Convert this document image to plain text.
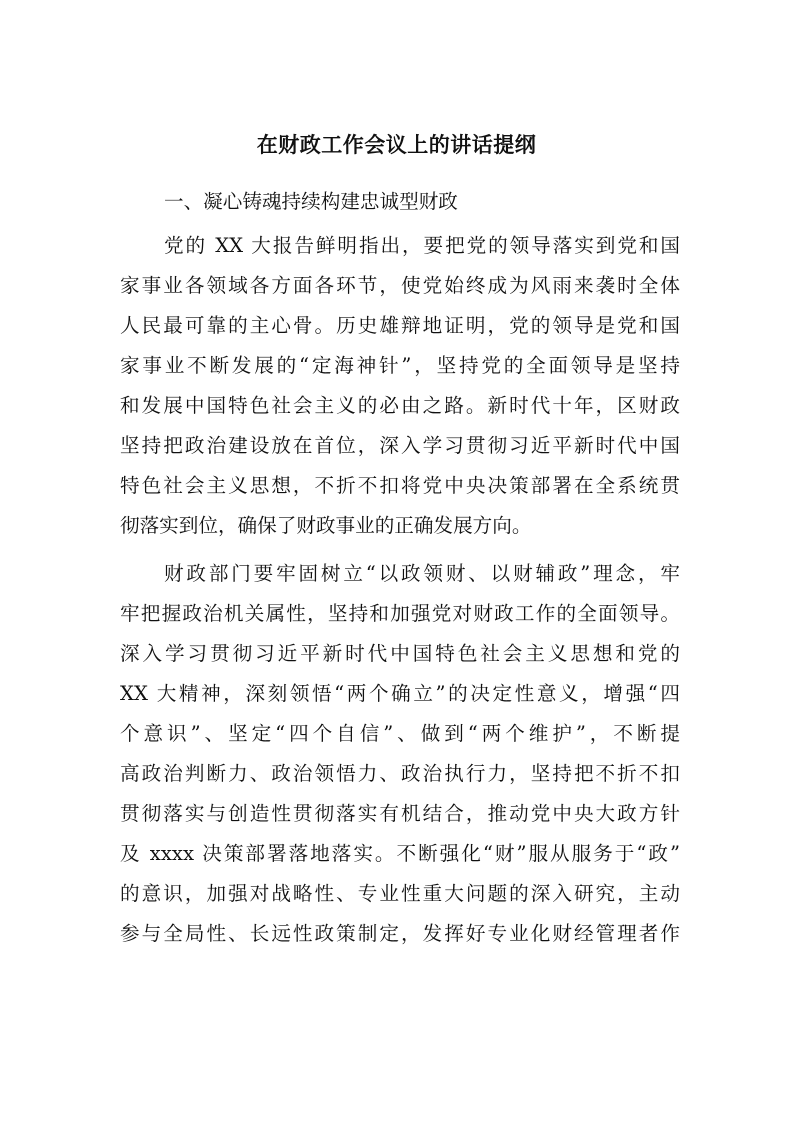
在财政工作会议上的讲话提纲
一、凝心铸魂持续构建忠诚型财政
党的 XX 大报告鲜明指出，要把党的领导落实到党和国
家事业各领域各方面各环节，使党始终成为风雨来袭时全体
人民最可靠的主心骨。历史雄辩地证明，党的领导是党和国
家事业不断发展的“定海神针”，坚持党的全面领导是坚持
和发展中国特色社会主义的必由之路。新时代十年，区财政
坚持把政治建设放在首位，深入学习贯彻习近平新时代中国
特色社会主义思想，不折不扣将党中央决策部署在全系统贯
彻落实到位，确保了财政事业的正确发展方向。
财政部门要牢固树立“以政领财、以财辅政”理念，牢
牢把握政治机关属性，坚持和加强党对财政工作的全面领导。
深入学习贯彻习近平新时代中国特色社会主义思想和党的
XX 大精神，深刻领悟“两个确立”的决定性意义，增强“四
个意识”、坚定“四个自信”、做到“两个维护”，不断提
高政治判断力、政治领悟力、政治执行力，坚持把不折不扣
贯彻落实与创造性贯彻落实有机结合，推动党中央大政方针
及 xxxx 决策部署落地落实。不断强化“财”服从服务于“政”
的意识，加强对战略性、专业性重大问题的深入研究，主动
参与全局性、长远性政策制定，发挥好专业化财经管理者作
